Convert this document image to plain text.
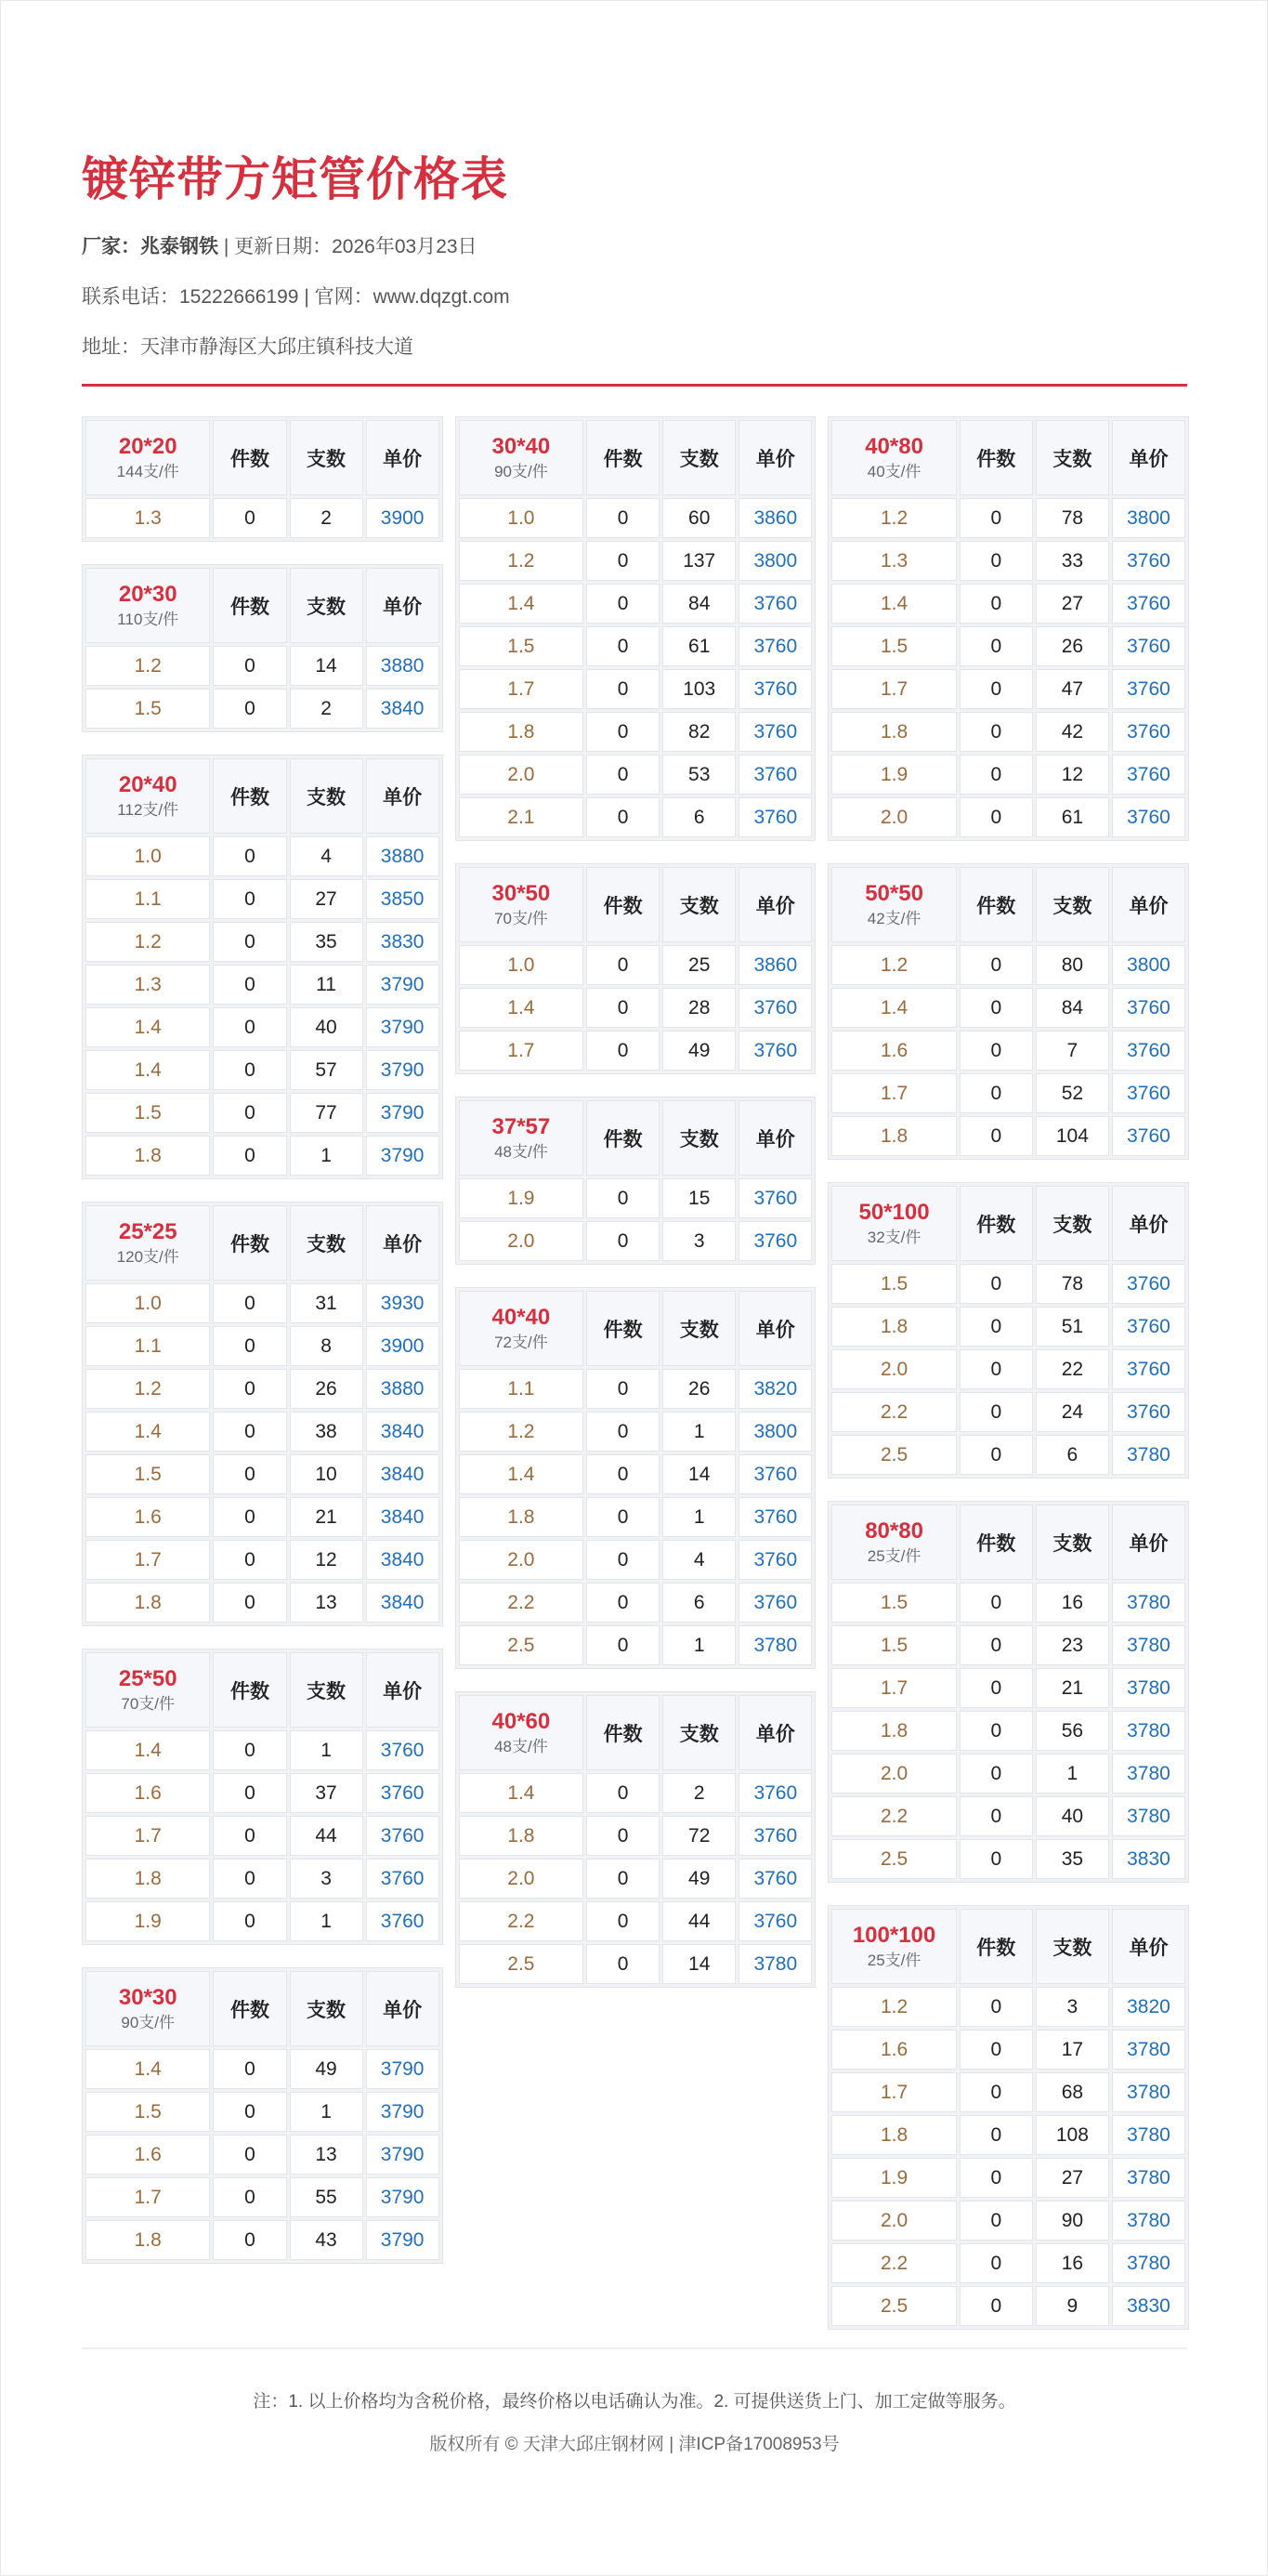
镀锌带方矩管价格表
厂家：兆泰钢铁 | 更新日期：2026年03月23日
联系电话：15222666199 | 官网：www.dqzgt.com
地址：天津市静海区大邱庄镇科技大道
20*20
144支/件	件数	支数	单价
1.3	0	2	3900
20*30
110支/件	件数	支数	单价
1.2	0	14	3880
1.5	0	2	3840
20*40
112支/件	件数	支数	单价
1.0	0	4	3880
1.1	0	27	3850
1.2	0	35	3830
1.3	0	11	3790
1.4	0	40	3790
1.4	0	57	3790
1.5	0	77	3790
1.8	0	1	3790
25*25
120支/件	件数	支数	单价
1.0	0	31	3930
1.1	0	8	3900
1.2	0	26	3880
1.4	0	38	3840
1.5	0	10	3840
1.6	0	21	3840
1.7	0	12	3840
1.8	0	13	3840
25*50
70支/件	件数	支数	单价
1.4	0	1	3760
1.6	0	37	3760
1.7	0	44	3760
1.8	0	3	3760
1.9	0	1	3760
30*30
90支/件	件数	支数	单价
1.4	0	49	3790
1.5	0	1	3790
1.6	0	13	3790
1.7	0	55	3790
1.8	0	43	3790
30*40
90支/件	件数	支数	单价
1.0	0	60	3860
1.2	0	137	3800
1.4	0	84	3760
1.5	0	61	3760
1.7	0	103	3760
1.8	0	82	3760
2.0	0	53	3760
2.1	0	6	3760
30*50
70支/件	件数	支数	单价
1.0	0	25	3860
1.4	0	28	3760
1.7	0	49	3760
37*57
48支/件	件数	支数	单价
1.9	0	15	3760
2.0	0	3	3760
40*40
72支/件	件数	支数	单价
1.1	0	26	3820
1.2	0	1	3800
1.4	0	14	3760
1.8	0	1	3760
2.0	0	4	3760
2.2	0	6	3760
2.5	0	1	3780
40*60
48支/件	件数	支数	单价
1.4	0	2	3760
1.8	0	72	3760
2.0	0	49	3760
2.2	0	44	3760
2.5	0	14	3780
40*80
40支/件	件数	支数	单价
1.2	0	78	3800
1.3	0	33	3760
1.4	0	27	3760
1.5	0	26	3760
1.7	0	47	3760
1.8	0	42	3760
1.9	0	12	3760
2.0	0	61	3760
50*50
42支/件	件数	支数	单价
1.2	0	80	3800
1.4	0	84	3760
1.6	0	7	3760
1.7	0	52	3760
1.8	0	104	3760
50*100
32支/件	件数	支数	单价
1.5	0	78	3760
1.8	0	51	3760
2.0	0	22	3760
2.2	0	24	3760
2.5	0	6	3780
80*80
25支/件	件数	支数	单价
1.5	0	16	3780
1.5	0	23	3780
1.7	0	21	3780
1.8	0	56	3780
2.0	0	1	3780
2.2	0	40	3780
2.5	0	35	3830
100*100
25支/件	件数	支数	单价
1.2	0	3	3820
1.6	0	17	3780
1.7	0	68	3780
1.8	0	108	3780
1.9	0	27	3780
2.0	0	90	3780
2.2	0	16	3780
2.5	0	9	3830
注：1. 以上价格均为含税价格，最终价格以电话确认为准。2. 可提供送货上门、加工定做等服务。
版权所有 © 天津大邱庄钢材网 | 津ICP备17008953号
